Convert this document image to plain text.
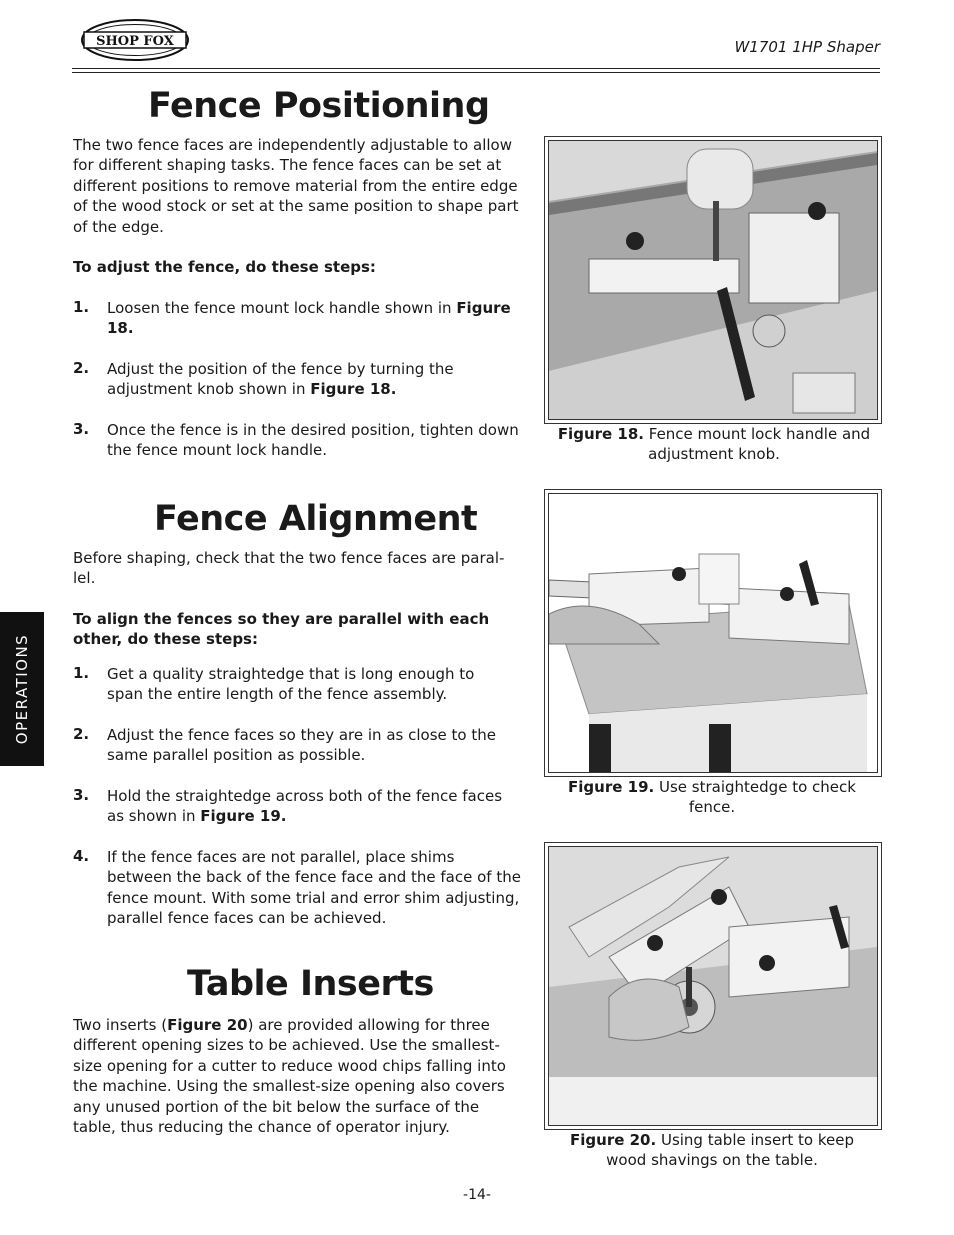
SHOP FOX	W1701 1HP Shaper
OPERATIONS
Fence Positioning
The two fence faces are independently adjustable to allow for different shaping tasks. The fence faces can be set at different positions to remove material from the entire edge of the wood stock or set at the same position to shape part of the edge.
To adjust the fence, do these steps:
1.	Loosen the fence mount lock handle shown in Figure 18.
2.	Adjust the position of the fence by turning the adjustment knob shown in Figure 18.
3.	Once the fence is in the desired position, tighten down the fence mount lock handle.
Fence Alignment
Before shaping, check that the two fence faces are paral-
lel.
To align the fences so they are parallel with each other, do these steps:
1.	Get a quality straightedge that is long enough to span the entire length of the fence assembly.
2.	Adjust the fence faces so they are in as close to the same parallel position as possible.
3.	Hold the straightedge across both of the fence faces as shown in Figure 19.
4.	If the fence faces are not parallel, place shims between the back of the fence face and the face of the fence mount. With some trial and error shim adjusting, parallel fence faces can be achieved.
Table Inserts
Two inserts (Figure 20) are provided allowing for three different opening sizes to be achieved. Use the smallest-size opening for a cutter to reduce wood chips falling into the machine. Using the smallest-size opening also covers any unused portion of the bit below the surface of the table, thus reducing the chance of operator injury.
Figure 18. Fence mount lock handle and
adjustment knob.
Figure 19. Use straightedge to check
fence.
Figure 20. Using table insert to keep
wood shavings on the table.
-14-
